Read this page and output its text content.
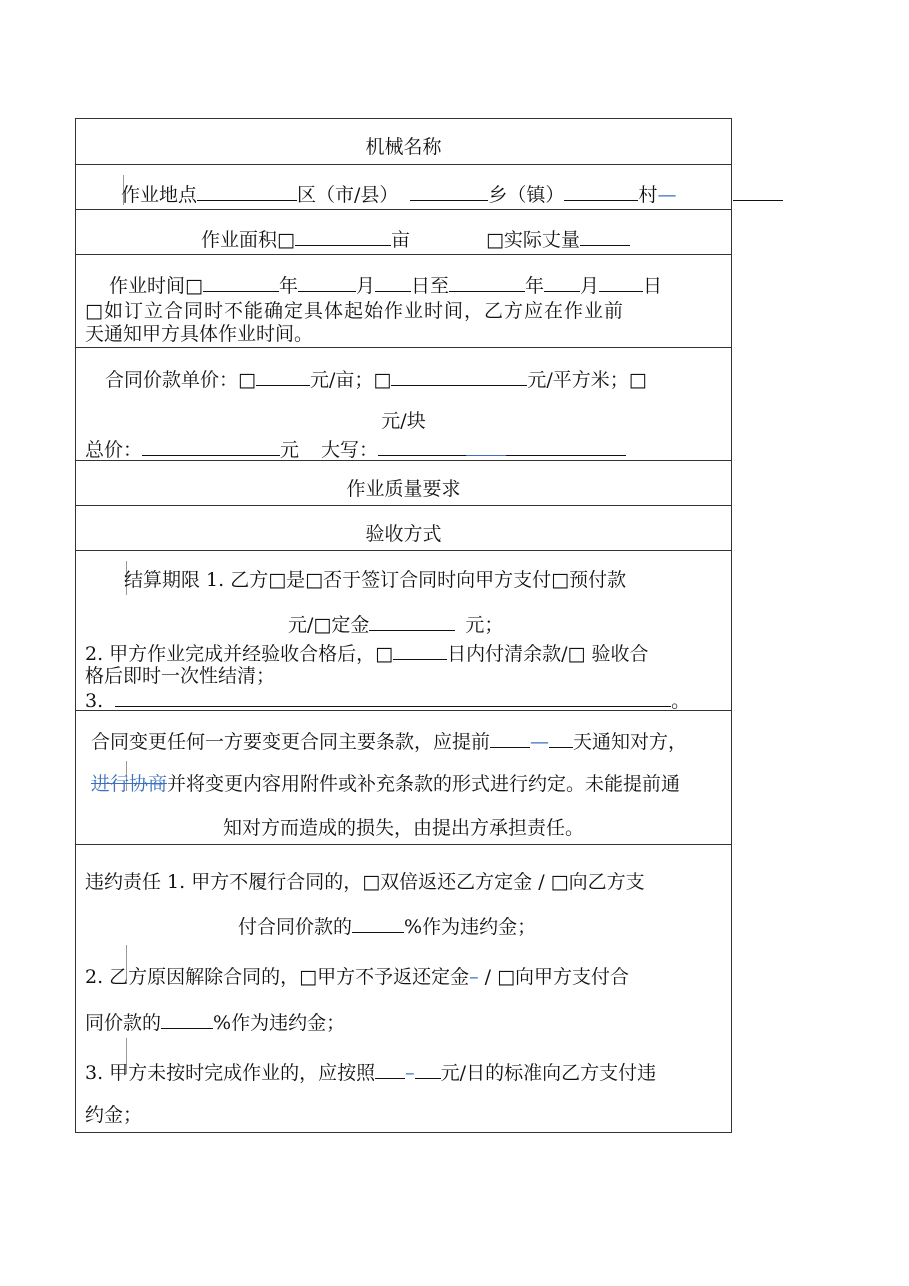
机械名称
作业地点	区（市/县）	乡（镇）	村—
作业面积□	亩	□实际丈量
作业时间□	年	月 日至	年 月 日
□如订立合同时不能确定具体起始作业时间，乙方应在作业前
天通知甲方具体作业时间。
合同价款单价：□	元/亩；□	元/平方米；□
元/块
总价：	元 大写：
作业质量要求
验收方式
结算期限 1. 乙方□是□否于签订合同时向甲方支付□预付款
元/□定金	元；
2. 甲方作业完成并经验收合格后，□	日内付清余款/□ 验收合
格后即时一次性结清；
3.	。
合同变更任何一方要变更合同主要条款，应提前 — 天通知对方，
进行协商并将变更内容用附件或补充条款的形式进行约定。未能提前通
知对方而造成的损失，由提出方承担责任。
违约责任 1. 甲方不履行合同的，□双倍返还乙方定金 / □向乙方支
付合同价款的	%作为违约金；
2. 乙方原因解除合同的，□甲方不予返还定金– / □向甲方支付合
同价款的	%作为违约金；
3. 甲方未按时完成作业的，应按照 – 元/日的标准向乙方支付违
约金；
